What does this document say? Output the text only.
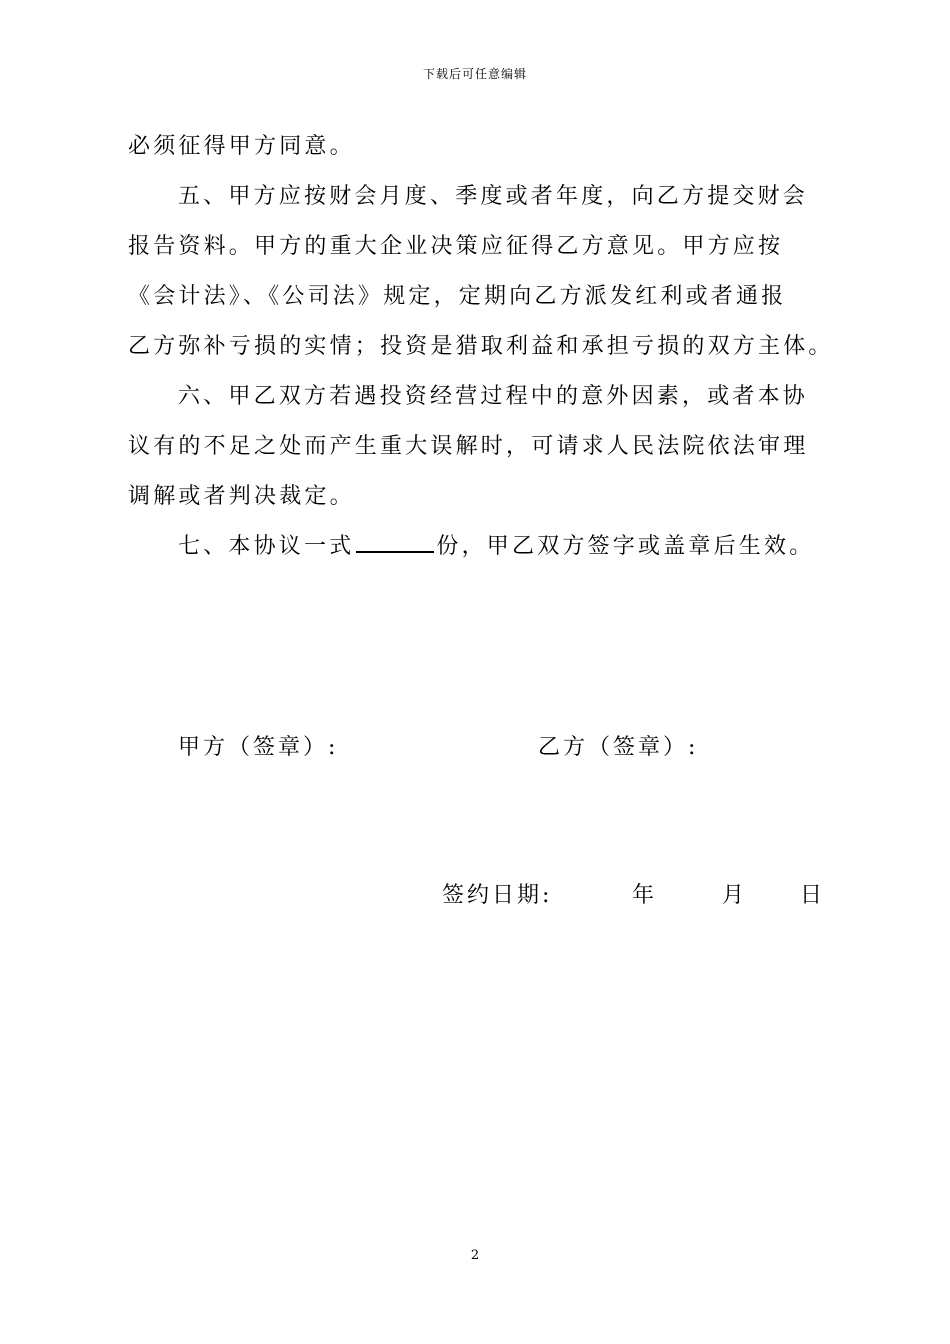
下载后可任意编辑
必须征得甲方同意。
五、甲方应按财会月度、季度或者年度，向乙方提交财会
报告资料。甲方的重大企业决策应征得乙方意见。甲方应按
《会计法》、《公司法》规定，定期向乙方派发红利或者通报
乙方弥补亏损的实情；投资是猎取利益和承担亏损的双方主体。
六、甲乙双方若遇投资经营过程中的意外因素，或者本协
议有的不足之处而产生重大误解时，可请求人民法院依法审理
调解或者判决裁定。
七、本协议一式	份，甲乙双方签字或盖章后生效。
甲方（签章）:	乙方（签章）:
签约日期:	年	月 日
2
